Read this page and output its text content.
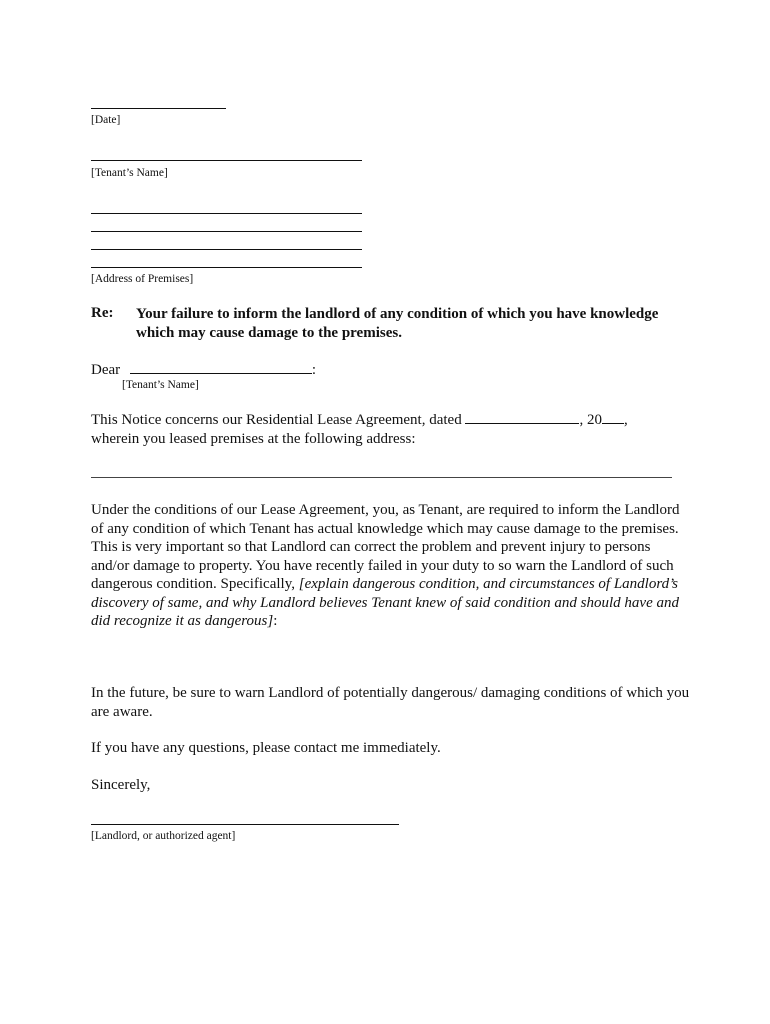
[Date]
[Tenant’s Name]
[Address of Premises]
Re: Your failure to inform the landlord of any condition of which you have knowledge which may cause damage to the premises.
Dear	:
[Tenant’s Name]
This Notice concerns our Residential Lease Agreement, dated	, 20 ,
wherein you leased premises at the following address:
Under the conditions of our Lease Agreement, you, as Tenant, are required to inform the Landlord of any condition of which Tenant has actual knowledge which may cause damage to the premises. This is very important so that Landlord can correct the problem and prevent injury to persons and/or damage to property. You have recently failed in your duty to so warn the Landlord of such dangerous condition. Specifically, [explain dangerous condition, and circumstances of Landlord’s discovery of same, and why Landlord believes Tenant knew of said condition and should have and did recognize it as dangerous]:
In the future, be sure to warn Landlord of potentially dangerous/ damaging conditions of which you are aware.
If you have any questions, please contact me immediately.
Sincerely,
[Landlord, or authorized agent]
